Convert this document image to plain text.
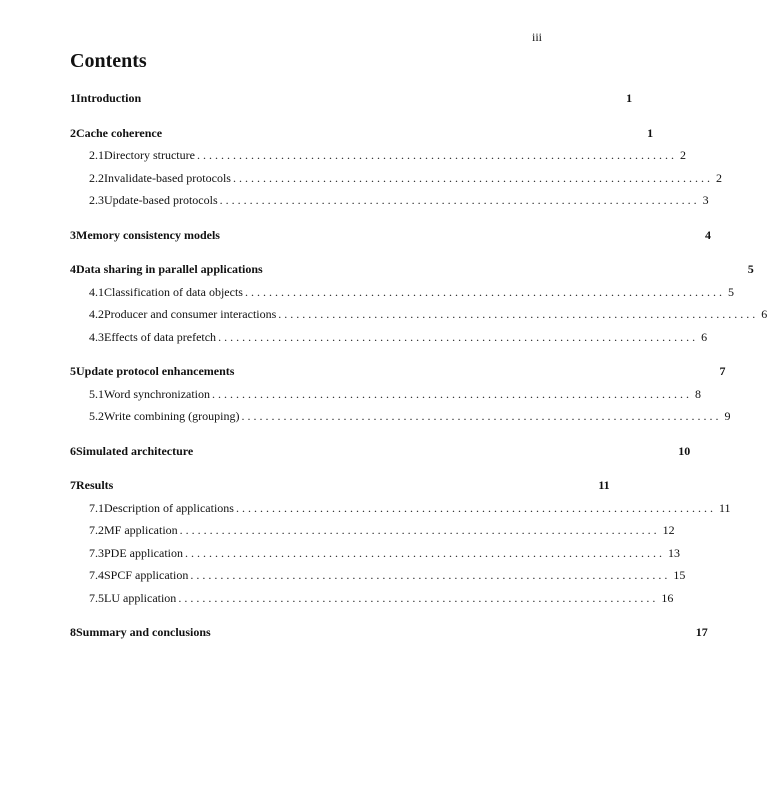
iii
Contents
1 Introduction	1
2 Cache coherence	1
2.1 Directory structure . . . . . . . . . . . . . . . . . . . . . . . . . . . . . . . . . . . . . . . . . . . . . . . . . . . . . . . . . . . . . . . . . . . . . . . . . . . . . . . . 2
2.2 Invalidate-based protocols . . . . . . . . . . . . . . . . . . . . . . . . . . . . . . . . . . . . . . . . . . . . . . . . . . . . . . . . . . . . . . . . . . . . . . . . . . . . . . . . 2
2.3 Update-based protocols . . . . . . . . . . . . . . . . . . . . . . . . . . . . . . . . . . . . . . . . . . . . . . . . . . . . . . . . . . . . . . . . . . . . . . . . . . . . . . . . 3
3 Memory consistency models	4
4 Data sharing in parallel applications	5
4.1 Classification of data objects . . . . . . . . . . . . . . . . . . . . . . . . . . . . . . . . . . . . . . . . . . . . . . . . . . . . . . . . . . . . . . . . . . . . . . . . . . . . . . . . 5
4.2 Producer and consumer interactions . . . . . . . . . . . . . . . . . . . . . . . . . . . . . . . . . . . . . . . . . . . . . . . . . . . . . . . . . . . . . . . . . . . . . . . . . . . . . . . . 6
4.3 Effects of data prefetch . . . . . . . . . . . . . . . . . . . . . . . . . . . . . . . . . . . . . . . . . . . . . . . . . . . . . . . . . . . . . . . . . . . . . . . . . . . . . . . . 6
5 Update protocol enhancements	7
5.1 Word synchronization . . . . . . . . . . . . . . . . . . . . . . . . . . . . . . . . . . . . . . . . . . . . . . . . . . . . . . . . . . . . . . . . . . . . . . . . . . . . . . . . 8
5.2 Write combining (grouping) . . . . . . . . . . . . . . . . . . . . . . . . . . . . . . . . . . . . . . . . . . . . . . . . . . . . . . . . . . . . . . . . . . . . . . . . . . . . . . . . 9
6 Simulated architecture	10
7 Results	11
7.1 Description of applications . . . . . . . . . . . . . . . . . . . . . . . . . . . . . . . . . . . . . . . . . . . . . . . . . . . . . . . . . . . . . . . . . . . . . . . . . . . . . . . . 11
7.2 MF application . . . . . . . . . . . . . . . . . . . . . . . . . . . . . . . . . . . . . . . . . . . . . . . . . . . . . . . . . . . . . . . . . . . . . . . . . . . . . . . . 12
7.3 PDE application . . . . . . . . . . . . . . . . . . . . . . . . . . . . . . . . . . . . . . . . . . . . . . . . . . . . . . . . . . . . . . . . . . . . . . . . . . . . . . . . 13
7.4 SPCF application . . . . . . . . . . . . . . . . . . . . . . . . . . . . . . . . . . . . . . . . . . . . . . . . . . . . . . . . . . . . . . . . . . . . . . . . . . . . . . . . 15
7.5 LU application . . . . . . . . . . . . . . . . . . . . . . . . . . . . . . . . . . . . . . . . . . . . . . . . . . . . . . . . . . . . . . . . . . . . . . . . . . . . . . . . 16
8 Summary and conclusions	17
